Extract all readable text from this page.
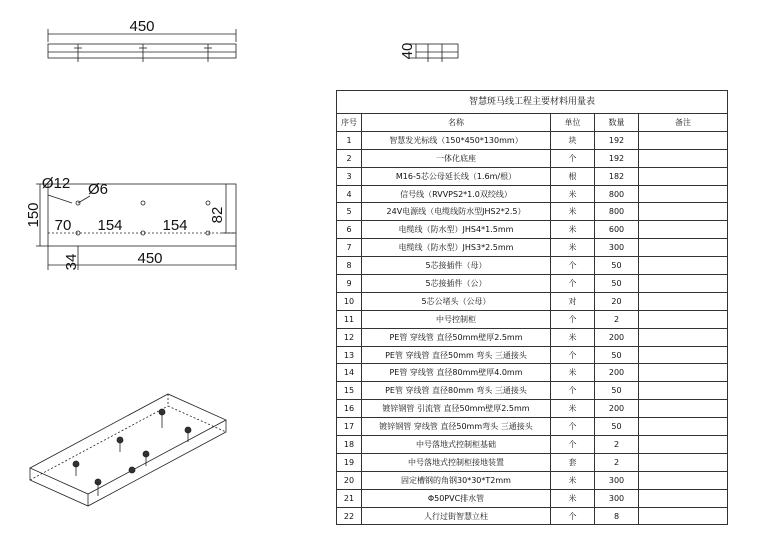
450
40
Ø12 Ø6
150 70 154	154
82
34	450
智慧斑马线工程主要材料用量表
序号	名称	单位	数量	备注
1	智慧发光标线（150*450*130mm）	块	192	
2	一体化底座	个	192	
3	M16-5芯公母延长线（1.6m/根）	根	182	
4	信号线（RVVPS2*1.0双绞线）	米	800	
5	24V电源线（电缆线防水型JHS2*2.5）	米	800	
6	电缆线（防水型）JHS4*1.5mm	米	600	
7	电缆线（防水型）JHS3*2.5mm	米	300	
8	5芯接插件（母）	个	50	
9	5芯接插件（公）	个	50	
10	5芯公堵头（公母）	对	20	
11	中号控制柜	个	2	
12	PE管 穿线管 直径50mm壁厚2.5mm	米	200	
13	PE管 穿线管 直径50mm 弯头 三通接头	个	50	
14	PE管 穿线管 直径80mm壁厚4.0mm	米	200	
15	PE管 穿线管 直径80mm 弯头 三通接头	个	50	
16	镀锌钢管 引流管 直径50mm壁厚2.5mm	米	200	
17	镀锌钢管 穿线管 直径50mm弯头 三通接头	个	50	
18	中号落地式控制柜基础	个	2	
19	中号落地式控制柜接地装置	套	2	
20	固定槽钢的角钢30*30*T2mm	米	300	
21	Φ50PVC排水管	米	300	
22	人行过街智慧立柱	个	8	
